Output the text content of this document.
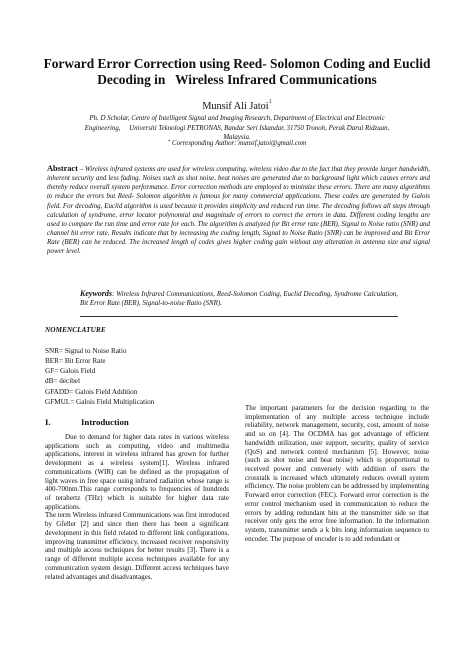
Forward Error Correction using Reed- Solomon Coding and Euclid
Decoding in   Wireless Infrared Communications
Munsif Ali Jatoi$^1$
Ph. D Scholar, Centre of Intelligent Signal and Imaging Research, Department of Electrical and Electronic
Engineering,     Universiti Teknologi PETRONAS, Bandar Seri Iskandar, 31750 Tronoh, Perak Darul Ridzuan,
Malaysia.
* Corresponding Author: munsif.jatoi@gmail.com
Abstract – Wireless infrared systems are used for wireless computing, wireless video due to the fact that they provide larger bandwidth, inherent security and less fading. Noises such as shot noise, beat noises are generated due to background light which causes errors and thereby reduce overall system performance. Error correction methods are employed to minimize these errors. There are many algorithms to reduce the errors but Reed- Solomon algorithm is famous for many commercial applications. These codes are generated by Galois field. For decoding, Euclid algorithm is used because it provides simplicity and reduced run time. The decoding follows all steps through calculation of syndrome, error locator polynomial and magnitude of errors to correct the errors in data. Different coding lengths are used to compare the run time and error rate for each. The algorithm is analyzed for Bit error rate (BER), Signal to Noise ratio (SNR) and channel bit error rate. Results indicate that by increasing the coding length, Signal to Noise Ratio (SNR) can be improved and Bit Error Rate (BER) can be reduced. The increased length of codes gives higher coding gain without any alteration in antenna size and signal power level.
Keywords: Wireless Infrared Communications, Reed-Solomon Coding, Euclid Decoding, Syndrome Calculation, Bit Error Rate (BER), Signal-to-noise Ratio (SNR).
NOMENCLATURE
SNR= Signal to Noise Ratio
BER= Bit Error Rate
GF= Galois Field
dB= decibel
GFADD= Galois Field Addition
GFMUL= Galois Field Multiplication
I.	Introduction

Due to demand for higher data rates in various wireless applications such as computing, video and multimedia applications, interest in wireless infrared has grown for further development as a wireless system[1]. Wireless infrared communications (WIR) can be defined as the propagation of light waves in free space using infrared radiation whose range is 400-700nm.This range corresponds to frequencies of hundreds of terahertz (THz) which is suitable for higher data rate applications.

The term Wireless infrared Communications was first introduced by Gfeller [2] and since then there has been a significant development in this field related to different link configurations, improving transmitter efficiency, increased receiver responsivity and multiple access techniques for better results [3]. There is a range of different multiple access techniques available for any communication system design. Different access techniques have related advantages and disadvantages.

The important parameters for the decision regarding to the implementation of any multiple access technique include reliability, network management, security, cost, amount of noise and so on [4]. The OCDMA has got advantage of efficient bandwidth utilization, user support, security, quality of service (QoS) and network control mechanism [5]. However, noise (such as shot noise and beat noise) which is proportional to received power and conversely with addition of users the crosstalk is increased which ultimately reduces overall system efficiency. The noise problem can be addressed by implementing Forward error correction (FEC). Forward error correction is the error control mechanism used in communication to reduce the errors by adding redundant bits at the transmitter side so that receiver only gets the error free information. In the information system, transmitter sends a k bits long information sequence to encoder. The purpose of encoder is to add redundant or
